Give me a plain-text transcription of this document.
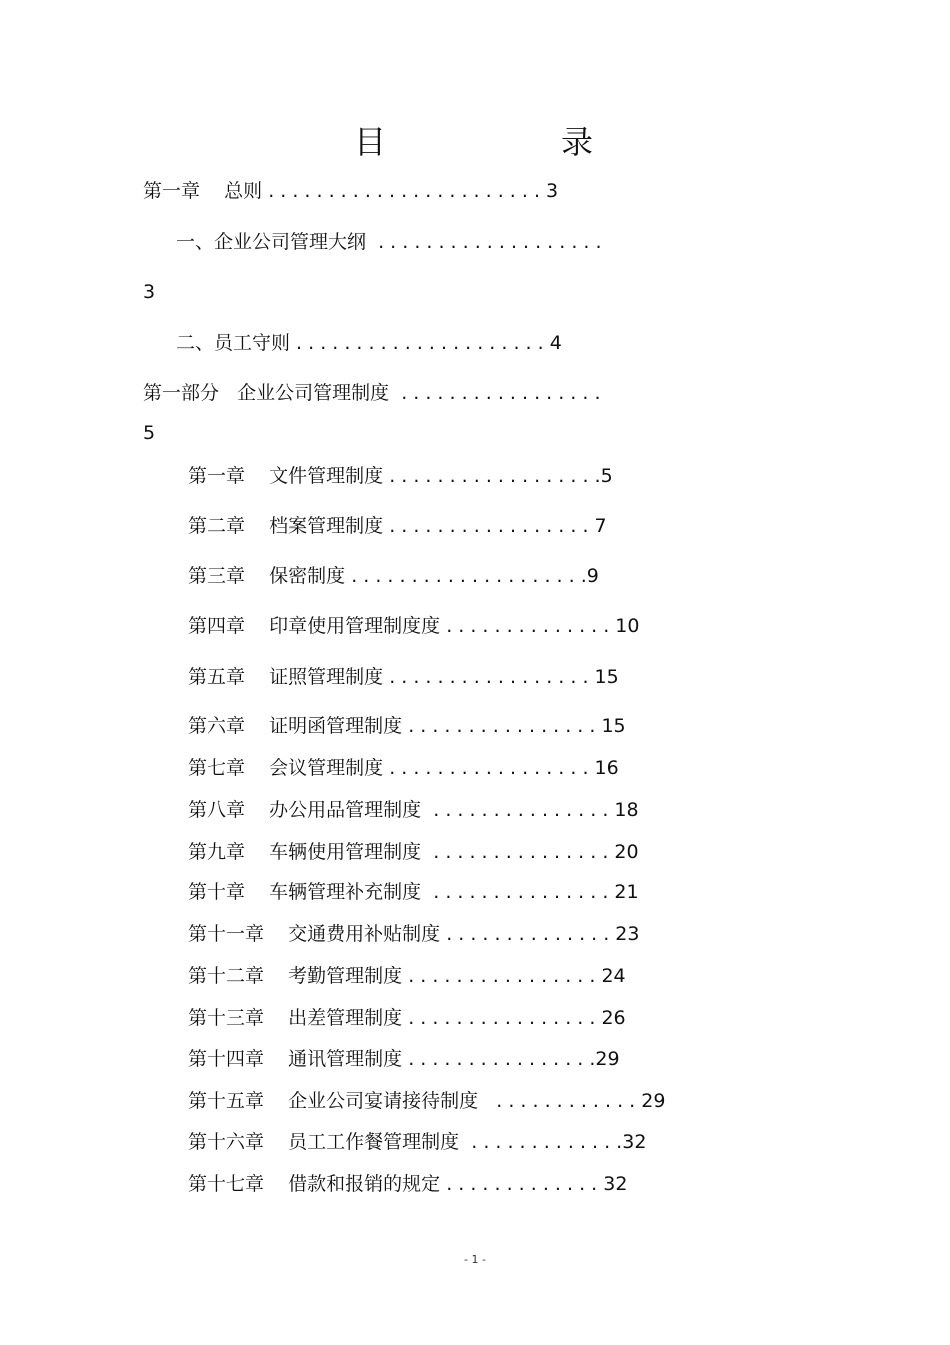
目	录
第一章    总则 . . . . . . . . . . . . . . . . . . . . . . . 3
一、企业公司管理大纲  . . . . . . . . . . . . . . . . . . .
3
二、员工守则 . . . . . . . . . . . . . . . . . . . . . 4
第一部分   企业公司管理制度  . . . . . . . . . . . . . . . . .
5
第一章    文件管理制度 . . . . . . . . . . . . . . . . . .5
第二章    档案管理制度 . . . . . . . . . . . . . . . . . 7
第三章    保密制度 . . . . . . . . . . . . . . . . . . . .9
第四章    印章使用管理制度度 . . . . . . . . . . . . . . 10
第五章    证照管理制度 . . . . . . . . . . . . . . . . . 15
第六章    证明函管理制度 . . . . . . . . . . . . . . . . 15
第七章    会议管理制度 . . . . . . . . . . . . . . . . . 16
第八章    办公用品管理制度  . . . . . . . . . . . . . . . 18
第九章    车辆使用管理制度  . . . . . . . . . . . . . . . 20
第十章    车辆管理补充制度  . . . . . . . . . . . . . . . 21
第十一章    交通费用补贴制度 . . . . . . . . . . . . . . 23
第十二章    考勤管理制度 . . . . . . . . . . . . . . . . 24
第十三章    出差管理制度 . . . . . . . . . . . . . . . . 26
第十四章    通讯管理制度 . . . . . . . . . . . . . . . .29
第十五章    企业公司宴请接待制度   . . . . . . . . . . . . 29
第十六章    员工工作餐管理制度  . . . . . . . . . . . . .32
第十七章    借款和报销的规定 . . . . . . . . . . . . . 32
- 1 -
